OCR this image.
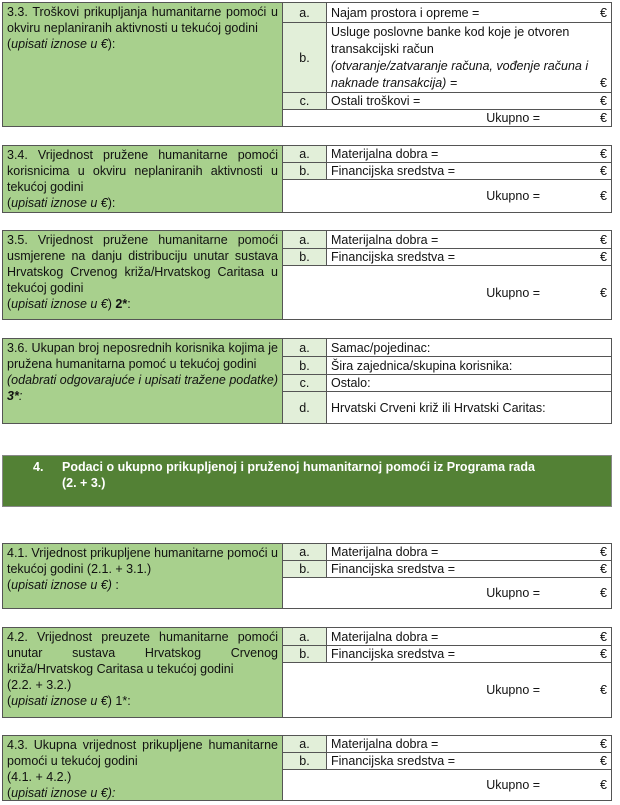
3.3. Troškovi prikupljanja humanitarne pomoći u okviru neplaniranih aktivnosti u tekućoj godini
(upisati iznose u €):
a.	Najam prostora i opreme =	€
b.
Usluge poslovne banke kod koje je otvoren
transakcijski račun
(otvaranje/zatvaranje računa, vođenje računa i
naknade transakcija) =	€
c.	Ostali troškovi =	€
Ukupno =	€
3.4. Vrijednost pružene humanitarne pomoći korisnicima u okviru neplaniranih aktivnosti u tekućoj godini
(upisati iznose u €):
a.	Materijalna dobra =	€
b.	Financijska sredstva =	€
Ukupno =	€
3.5. Vrijednost pružene humanitarne pomoći usmjerene na danju distribuciju unutar sustava Hrvatskog Crvenog križa/Hrvatskog Caritasa u tekućoj godini
(upisati iznose u €) 2*:
a.	Materijalna dobra =	€
b.	Financijska sredstva =	€
Ukupno =	€
3.6. Ukupan broj neposrednih korisnika kojima je pružena humanitarna pomoć u tekućoj godini
(odabrati odgovarajuće i upisati tražene podatke) 3*:
a.	Samac/pojedinac:
b.	Šira zajednica/skupina korisnika:
c.	Ostalo:
d.	Hrvatski Crveni križ ili Hrvatski Caritas:
4.	Podaci o ukupno prikupljenoj i pruženoj humanitarnoj pomoći iz Programa rada
(2. + 3.)
4.1. Vrijednost prikupljene humanitarne pomoći u tekućoj godini (2.1. + 3.1.)
(upisati iznose u €) :
a.	Materijalna dobra =	€
b.	Financijska sredstva =	€
Ukupno =	€
4.2. Vrijednost preuzete humanitarne pomoći unutar sustava Hrvatskog Crvenog križa/Hrvatskog Caritasa u tekućoj godini
(2.2. + 3.2.)
(upisati iznose u €) 1*:
a.	Materijalna dobra =	€
b.	Financijska sredstva =	€
Ukupno =	€
4.3. Ukupna vrijednost prikupljene humanitarne pomoći u tekućoj godini
(4.1. + 4.2.)
(upisati iznose u €):
a.	Materijalna dobra =	€
b.	Financijska sredstva =	€
Ukupno =	€
